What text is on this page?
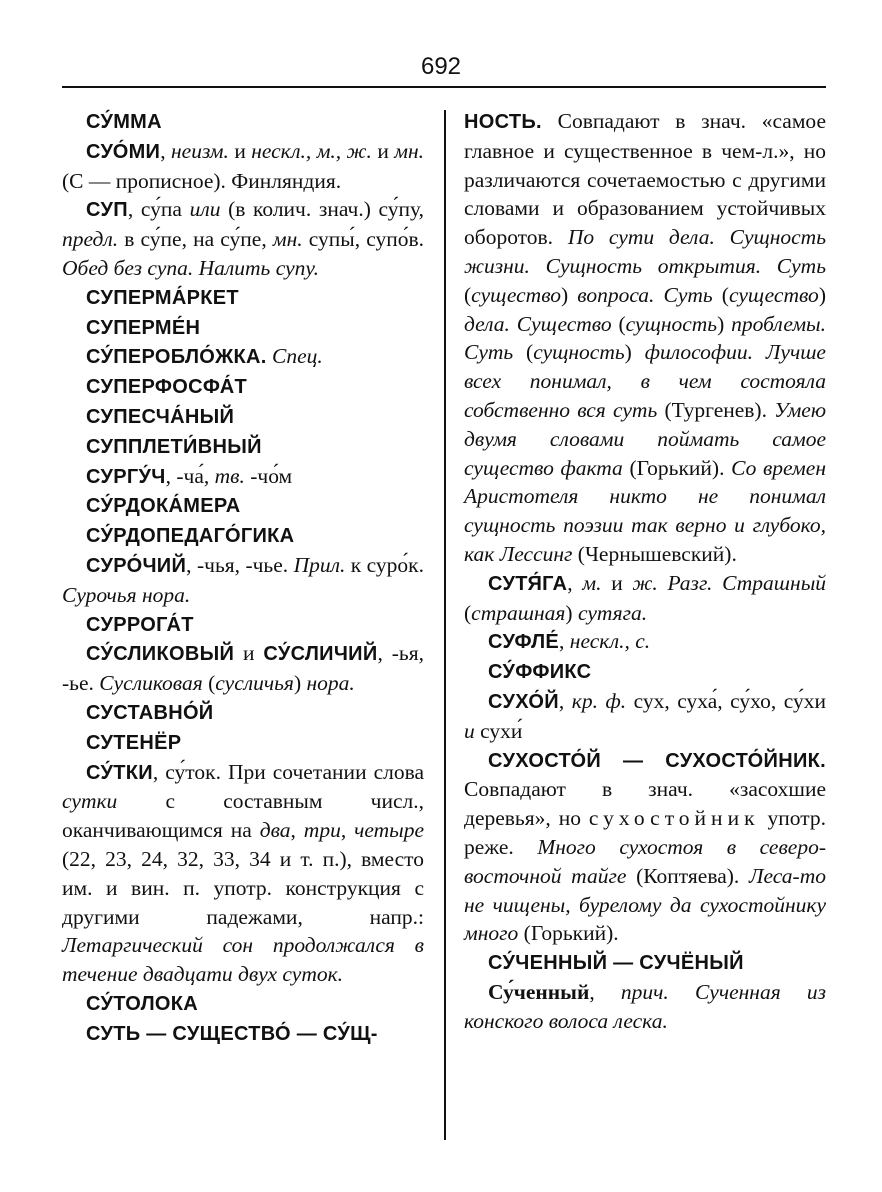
692

СУ́ММА

СУО́МИ, неизм. и нескл., м., ж. и мн. (С — прописное). Финляндия.

СУП, су́па или (в колич. знач.) су́пу, предл. в су́пе, на су́пе, мн. супы́, супо́в. Обед без супа. Налить супу.

СУПЕРМА́РКЕТ

СУПЕРМЕ́Н

СУ́ПЕРОБЛО́ЖКА. Спец.

СУПЕРФОСФА́Т

СУПЕСЧА́НЫЙ

СУППЛЕТИ́ВНЫЙ

СУРГУ́Ч, -ча́, тв. -чо́м

СУ́РДОКА́МЕРА

СУ́РДОПЕДАГО́ГИКА

СУРО́ЧИЙ, -чья, -чье. Прил. к суро́к. Сурочья нора.

СУРРОГА́Т

СУ́СЛИКОВЫЙ и СУ́СЛИЧИЙ, -ья, -ье. Сусликовая (сусличья) нора.

СУСТАВНО́Й

СУТЕНЁР

СУ́ТКИ, су́ток. При сочетании слова сутки с составным числ., оканчивающимся на два, три, четыре (22, 23, 24, 32, 33, 34 и т. п.), вместо им. и вин. п. употр. конструкция с другими падежами, напр.: Летаргический сон продолжался в течение двадцати двух суток.

СУ́ТОЛОКА

СУТЬ — СУЩЕСТВО́ — СУ́Щ-

НОСТЬ. Совпадают в знач. «самое главное и существенное в чем-л.», но различаются сочетаемостью с другими словами и образованием устойчивых оборотов. По сути дела. Сущность жизни. Сущность открытия. Суть (существо) вопроса. Суть (существо) дела. Существо (сущность) проблемы. Суть (сущность) философии. Лучше всех понимал, в чем состояла собственно вся суть (Тургенев). Умею двумя словами поймать самое существо факта (Горький). Со времен Аристотеля никто не понимал сущность поэзии так верно и глубоко, как Лессинг (Чернышевский).

СУТЯ́ГА, м. и ж. Разг. Страшный (страшная) сутяга.

СУФЛЕ́, нескл., с.

СУ́ФФИКС

СУХО́Й, кр. ф. сух, суха́, су́хо, су́хи и сухи́

СУХОСТО́Й — СУХОСТО́ЙНИК. Совпадают в знач. «засохшие деревья», но сухостойник употр. реже. Много сухостоя в северо-восточной тайге (Коптяева). Леса-то не чищены, бурелому да сухостойнику много (Горький).

СУ́ЧЕННЫЙ — СУЧЁНЫЙ

Су́ченный, прич. Сученная из конского волоса леска.
